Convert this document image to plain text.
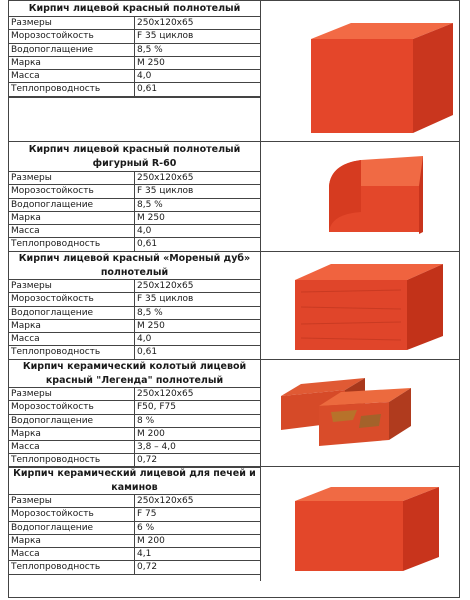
Кирпич лицевой красный полнотелый
Размеры	250х120х65
Морозостойкость	F 35 циклов
Водопоглащение	8,5 %
Марка	М 250
Масса	4,0
Теплопроводность	0,61
Кирпич лицевой красный полнотелый фигурный R-60
Размеры	250х120х65
Морозостойкость	F 35 циклов
Водопоглащение	8,5 %
Марка	М 250
Масса	4,0
Теплопроводность	0,61
Кирпич лицевой красный «Мореный дуб» полнотелый
Размеры	250х120х65
Морозостойкость	F 35 циклов
Водопоглащение	8,5 %
Марка	М 250
Масса	4,0
Теплопроводность	0,61
Кирпич керамический колотый лицевой красный "Легенда" полнотелый
Размеры	250х120х65
Морозостойкость	F50, F75
Водопоглащение	8 %
Марка	М 200
Масса	3,8 – 4,0
Теплопроводность	0,72
Кирпич керамический лицевой для печей и каминов
Размеры	250х120х65
Морозостойкость	F 75
Водопоглащение	6 %
Марка	М 200
Масса	4,1
Теплопроводность	0,72
